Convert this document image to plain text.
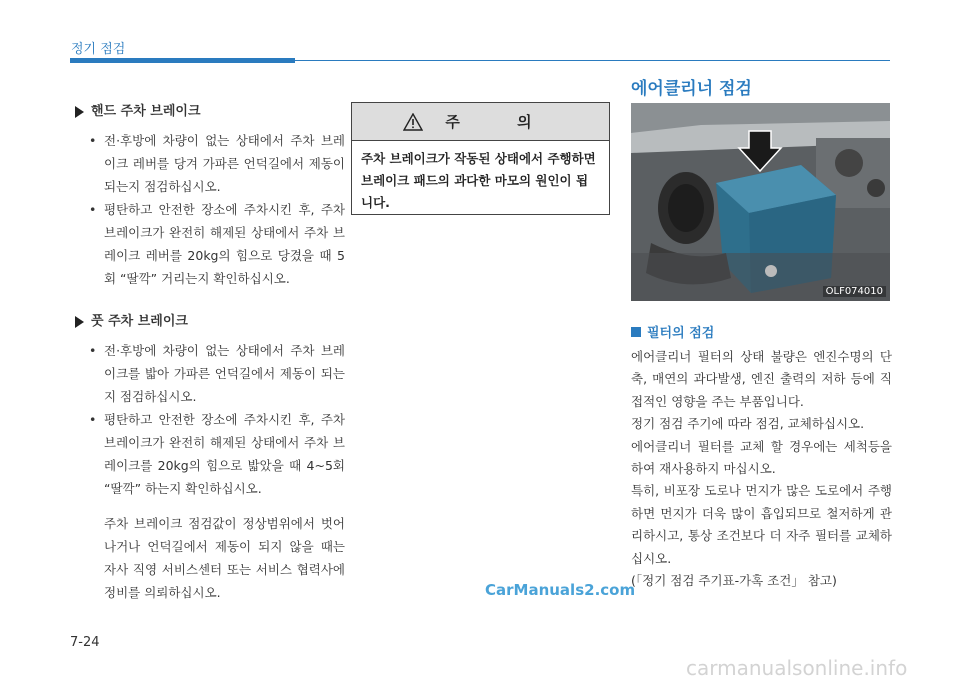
정기 점검
핸드 주차 브레이크

• 전·후방에 차량이 없는 상태에서 주차 브레이크 레버를 당겨 가파른 언덕길에서 제동이 되는지 점검하십시오.

• 평탄하고 안전한 장소에 주차시킨 후, 주차 브레이크가 완전히 해제된 상태에서 주차 브레이크 레버를 20kg의 힘으로 당겼을 때 5회 “딸깍” 거리는지 확인하십시오.

풋 주차 브레이크

• 전·후방에 차량이 없는 상태에서 주차 브레이크를 밟아 가파른 언덕길에서 제동이 되는지 점검하십시오.

• 평탄하고 안전한 장소에 주차시킨 후, 주차 브레이크가 완전히 해제된 상태에서 주차 브레이크를 20kg의 힘으로 밟았을 때 4~5회 “딸깍” 하는지 확인하십시오.

주차 브레이크 점검값이 정상범위에서 벗어나거나 언덕길에서 제동이 되지 않을 때는 자사 직영 서비스센터 또는 서비스 협력사에 정비를 의뢰하십시오.

주 의
주차 브레이크가 작동된 상태에서 주행하면 브레이크 패드의 과다한 마모의 원인이 됩니다.
에어클리너 점검
OLF074010
필터의 점검

에어클리너 필터의 상태 불량은 엔진수명의 단축, 매연의 과다발생, 엔진 출력의 저하 등에 직접적인 영향을 주는 부품입니다.

정기 점검 주기에 따라 점검, 교체하십시오.

에어클리너 필터를 교체 할 경우에는 세척등을 하여 재사용하지 마십시오.

특히, 비포장 도로나 먼지가 많은 도로에서 주행하면 먼지가 더욱 많이 흡입되므로 철저하게 관리하시고, 통상 조건보다 더 자주 필터를 교체하십시오.

(「정기 점검 주기표-가혹 조건」 참고)

CarManuals2.com
7-24
carmanualsonline.info
